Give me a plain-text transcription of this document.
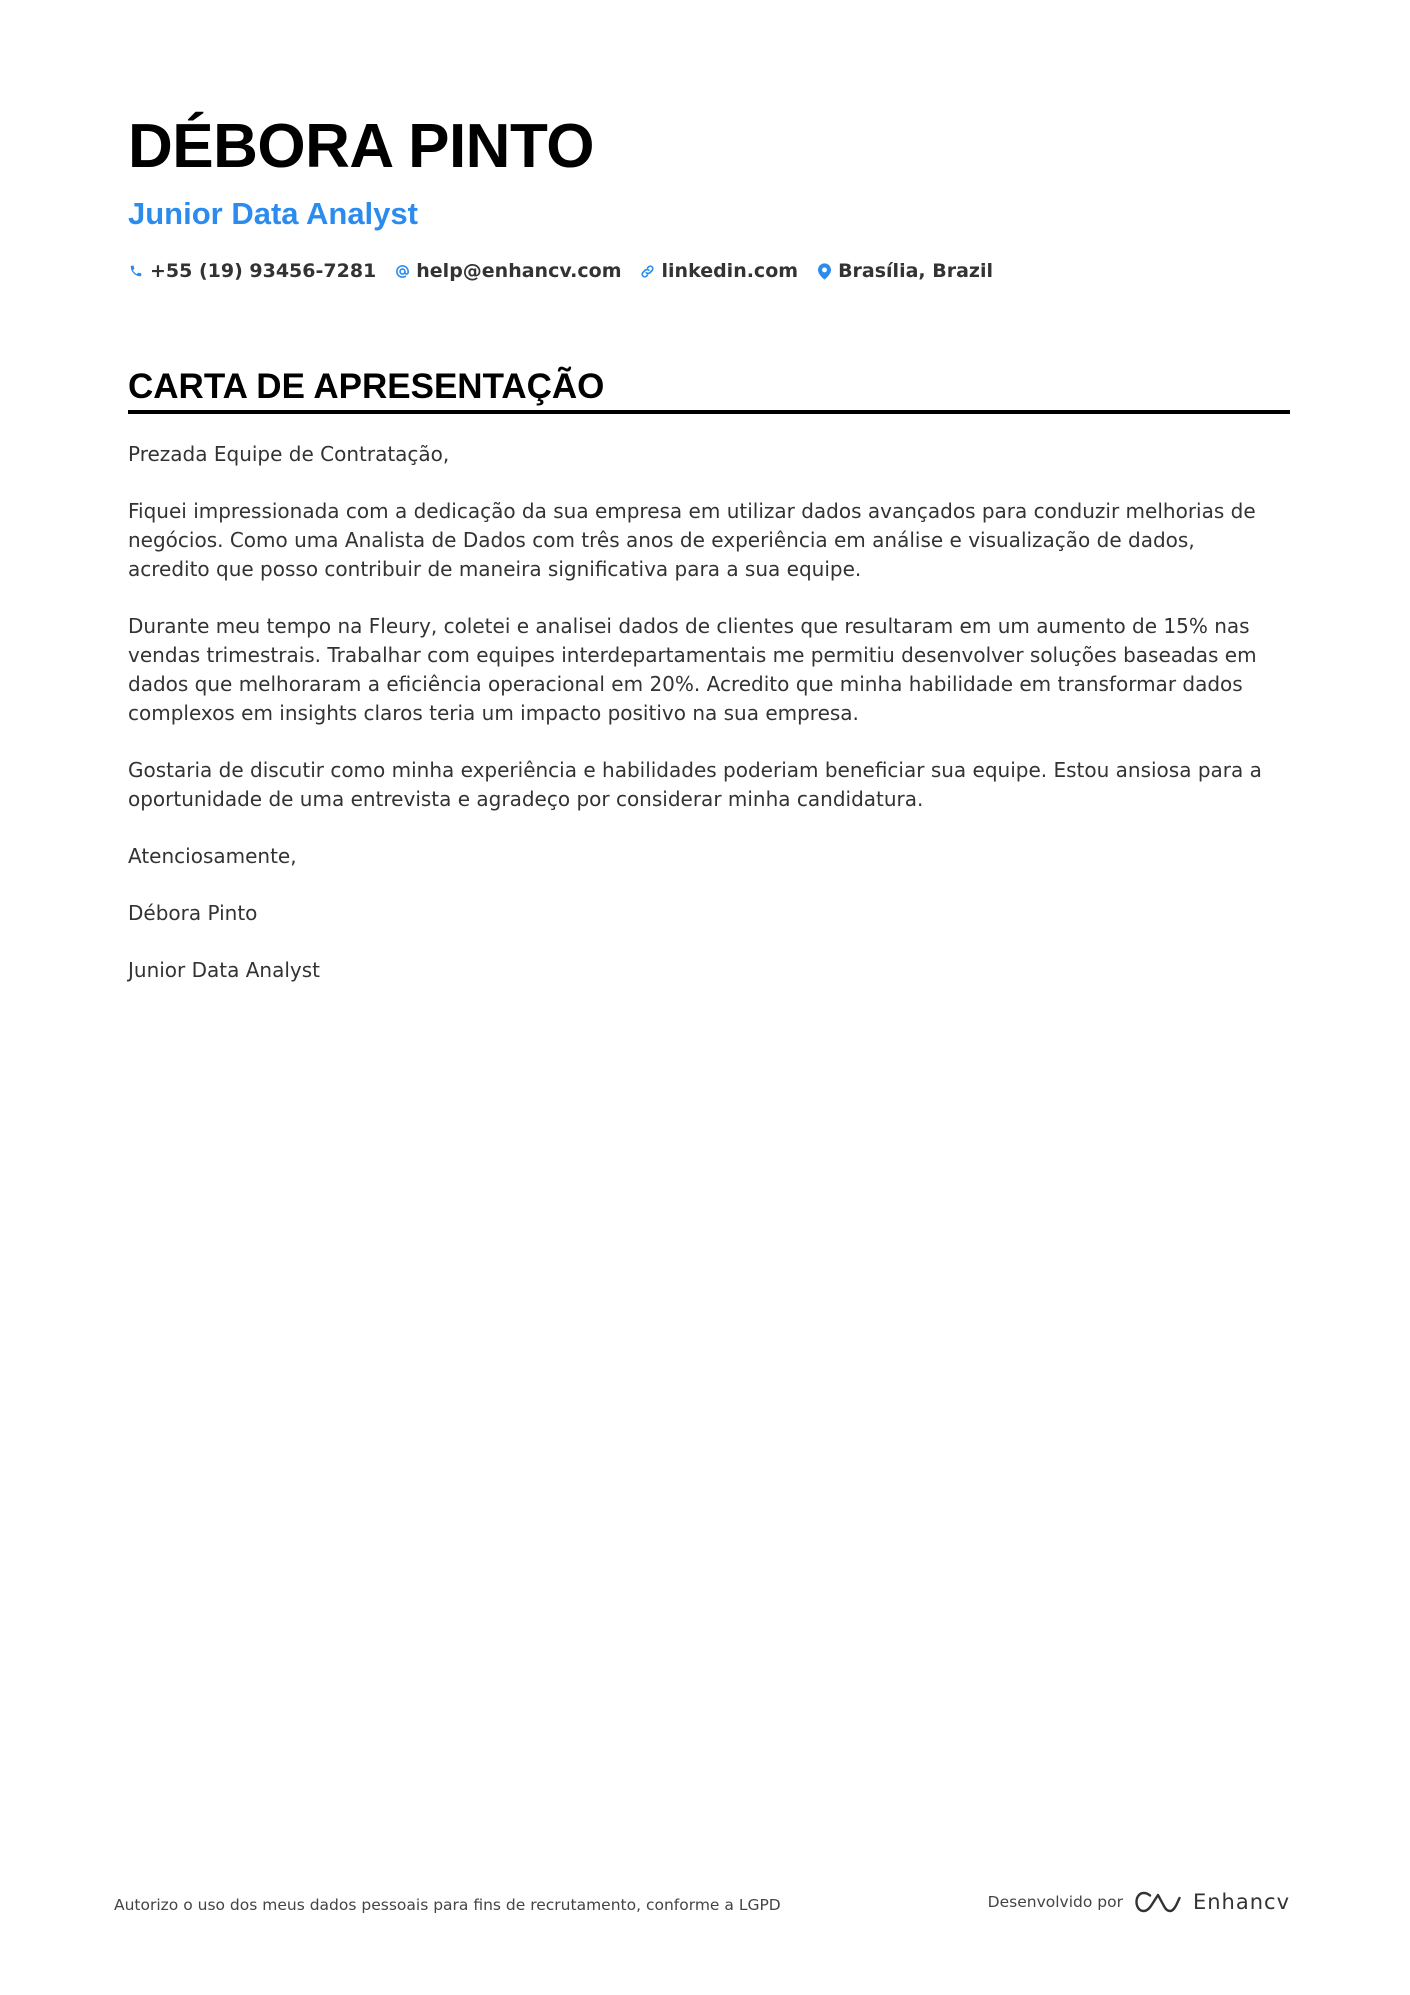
DÉBORA PINTO
Junior Data Analyst
+55 (19) 93456-7281 help@enhancv.com linkedin.com Brasília, Brazil
CARTA DE APRESENTAÇÃO

Prezada Equipe de Contratação,

Fiquei impressionada com a dedicação da sua empresa em utilizar dados avançados para conduzir melhorias de negócios. Como uma Analista de Dados com três anos de experiência em análise e visualização de dados, acredito que posso contribuir de maneira significativa para a sua equipe.

Durante meu tempo na Fleury, coletei e analisei dados de clientes que resultaram em um aumento de 15% nas vendas trimestrais. Trabalhar com equipes interdepartamentais me permitiu desenvolver soluções baseadas em dados que melhoraram a eficiência operacional em 20%. Acredito que minha habilidade em transformar dados complexos em insights claros teria um impacto positivo na sua empresa.

Gostaria de discutir como minha experiência e habilidades poderiam beneficiar sua equipe. Estou ansiosa para a oportunidade de uma entrevista e agradeço por considerar minha candidatura.

Atenciosamente,

Débora Pinto

Junior Data Analyst

Autorizo o uso dos meus dados pessoais para fins de recrutamento, conforme a LGPD	Desenvolvido por	Enhancv
